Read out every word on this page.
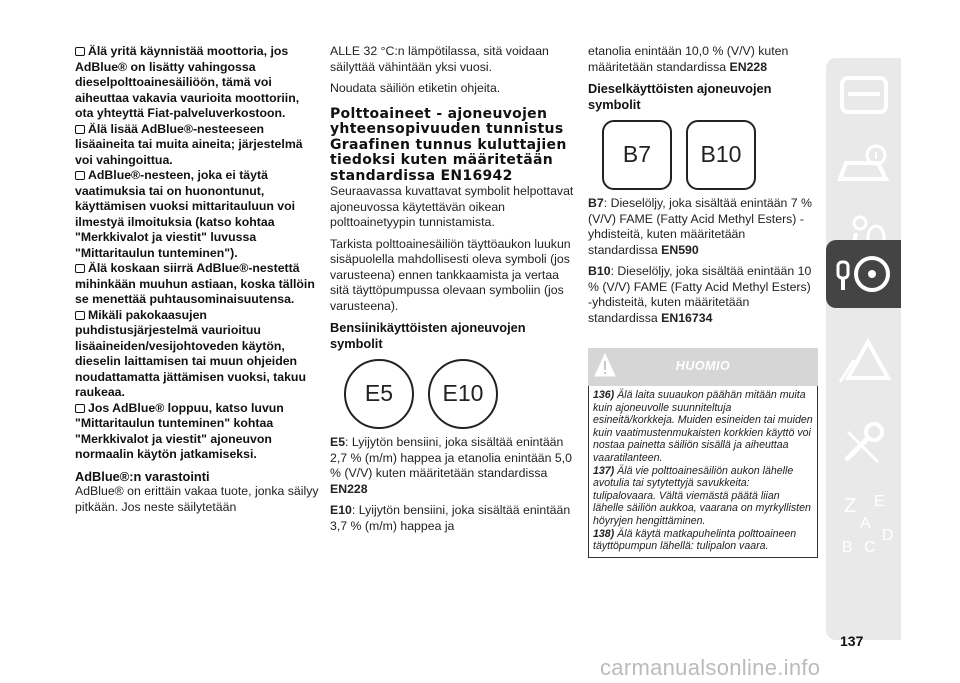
Älä yritä käynnistää moottoria, jos AdBlue® on lisätty vahingossa dieselpolttoainesäiliöön, tämä voi aiheuttaa vakavia vaurioita moottoriin, ota yhteyttä Fiat-palveluverkostoon.
Älä lisää AdBlue®-nesteeseen lisäaineita tai muita aineita; järjestelmä voi vahingoittua.
AdBlue®-nesteen, joka ei täytä vaatimuksia tai on huonontunut, käyttämisen vuoksi mittaritauluun voi ilmestyä ilmoituksia (katso kohtaa "Merkkivalot ja viestit" luvussa "Mittaritaulun tunteminen").
Älä koskaan siirrä AdBlue®-nestettä mihinkään muuhun astiaan, koska tällöin se menettää puhtausominaisuutensa.
Mikäli pakokaasujen puhdistusjärjestelmä vaurioituu lisäaineiden/vesijohtoveden käytön, dieselin laittamisen tai muun ohjeiden noudattamatta jättämisen vuoksi, takuu raukeaa.
Jos AdBlue® loppuu, katso luvun "Mittaritaulun tunteminen" kohtaa "Merkkivalot ja viestit" ajoneuvon normaalin käytön jatkamiseksi.
AdBlue®:n varastointi
AdBlue® on erittäin vakaa tuote, jonka säilyy pitkään. Jos neste säilytetään
ALLE 32 °C:n lämpötilassa, sitä voidaan säilyttää vähintään yksi vuosi.
Noudata säiliön etiketin ohjeita.
Polttoaineet - ajoneuvojen yhteensopivuuden tunnistus Graafinen tunnus kuluttajien tiedoksi kuten määritetään standardissa EN16942
Seuraavassa kuvattavat symbolit helpottavat ajoneuvossa käytettävän oikean polttoainetyypin tunnistamista.
Tarkista polttoainesäiliön täyttöaukon luukun sisäpuolella mahdollisesti oleva symboli (jos varusteena) ennen tankkaamista ja vertaa sitä täyttöpumpussa olevaan symboliin (jos varusteena).
Bensiinikäyttöisten ajoneuvojen symbolit
E5	E10
E5: Lyijytön bensiini, joka sisältää enintään 2,7 % (m/m) happea ja etanolia enintään 5,0 % (V/V) kuten määritetään standardissa EN228
E10: Lyijytön bensiini, joka sisältää enintään 3,7 % (m/m) happea ja
etanolia enintään 10,0 % (V/V) kuten määritetään standardissa EN228
Dieselkäyttöisten ajoneuvojen symbolit
B7	B10
B7: Dieselöljy, joka sisältää enintään 7 % (V/V) FAME (Fatty Acid Methyl Esters) -yhdisteitä, kuten määritetään standardissa EN590
B10: Dieselöljy, joka sisältää enintään 10 % (V/V) FAME (Fatty Acid Methyl Esters) -yhdisteitä, kuten määritetään standardissa EN16734
HUOMIO
136) Älä laita suuaukon päähän mitään muita kuin ajoneuvolle suunniteltuja esineitä/korkkeja. Muiden esineiden tai muiden kuin vaatimustenmukaisten korkkien käyttö voi nostaa painetta säiliön sisällä ja aiheuttaa vaaratilanteen.
137) Älä vie polttoainesäiliön aukon lähelle avotulia tai sytytettyjä savukkeita: tulipalovaara. Vältä viemästä päätä liian lähelle säiliön aukkoa, vaarana on myrkyllisten höyryjen hengittäminen.
138) Älä käytä matkapuhelinta polttoaineen täyttöpumpun lähellä: tulipalon vaara.
Z E
A
B C
D
137
carmanualsonline.info
